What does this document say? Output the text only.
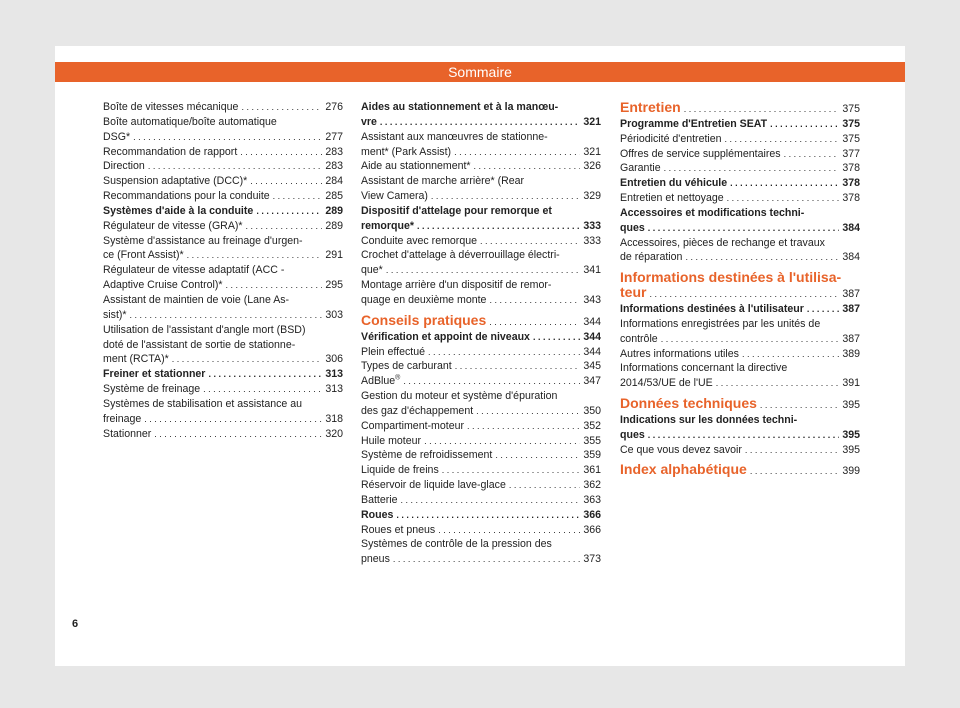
Sommaire
Boîte de vitesses mécanique . . .	276
Boîte automatique/boîte automatique
DSG* . . .	277
Recommandation de rapport . . .	283
Direction . . .	283
Suspension adaptative (DCC)* . . .	284
Recommandations pour la conduite . . .	285
Systèmes d'aide à la conduite . . .	289
Régulateur de vitesse (GRA)* . . .	289
Système d'assistance au freinage d'urgen-
ce (Front Assist)* . . .	291
Régulateur de vitesse adaptatif (ACC -
Adaptive Cruise Control)* . . .	295
Assistant de maintien de voie (Lane As-
sist)* . . .	303
Utilisation de l'assistant d'angle mort (BSD)
doté de l'assistant de sortie de stationne-
ment (RCTA)* . . .	306
Freiner et stationner . . .	313
Système de freinage . . .	313
Systèmes de stabilisation et assistance au
freinage . . .	318
Stationner . . .	320
Aides au stationnement et à la manœu-
vre . . .	321
Assistant aux manœuvres de stationne-
ment* (Park Assist) . . .	321
Aide au stationnement* . . .	326
Assistant de marche arrière* (Rear
View Camera) . . .	329
Dispositif d'attelage pour remorque et
remorque* . . .	333
Conduite avec remorque . . .	333
Crochet d'attelage à déverrouillage électri-
que* . . .	341
Montage arrière d'un dispositif de remor-
quage en deuxième monte . . .	343
Conseils pratiques . . .	344
Vérification et appoint de niveaux . . .	344
Plein effectué . . .	344
Types de carburant . . .	345
AdBlue® . . .	347
Gestion du moteur et système d'épuration
des gaz d'échappement . . .	350
Compartiment-moteur . . .	352
Huile moteur . . .	355
Système de refroidissement . . .	359
Liquide de freins . . .	361
Réservoir de liquide lave-glace . . .	362
Batterie . . .	363
Roues . . .	366
Roues et pneus . . .	366
Systèmes de contrôle de la pression des
pneus . . .	373
Entretien . . .	375
Programme d'Entretien SEAT . . .	375
Périodicité d'entretien . . .	375
Offres de service supplémentaires . . .	377
Garantie . . .	378
Entretien du véhicule . . .	378
Entretien et nettoyage . . .	378
Accessoires et modifications techni-
ques . . .	384
Accessoires, pièces de rechange et travaux
de réparation . . .	384
Informations destinées à l'utilisa-
teur . . .	387
Informations destinées à l'utilisateur . . .	387
Informations enregistrées par les unités de
contrôle . . .	387
Autres informations utiles . . .	389
Informations concernant la directive
2014/53/UE de l'UE . . .	391
Données techniques . . .	395
Indications sur les données techni-
ques . . .	395
Ce que vous devez savoir . . .	395
Index alphabétique . . .	399
6
